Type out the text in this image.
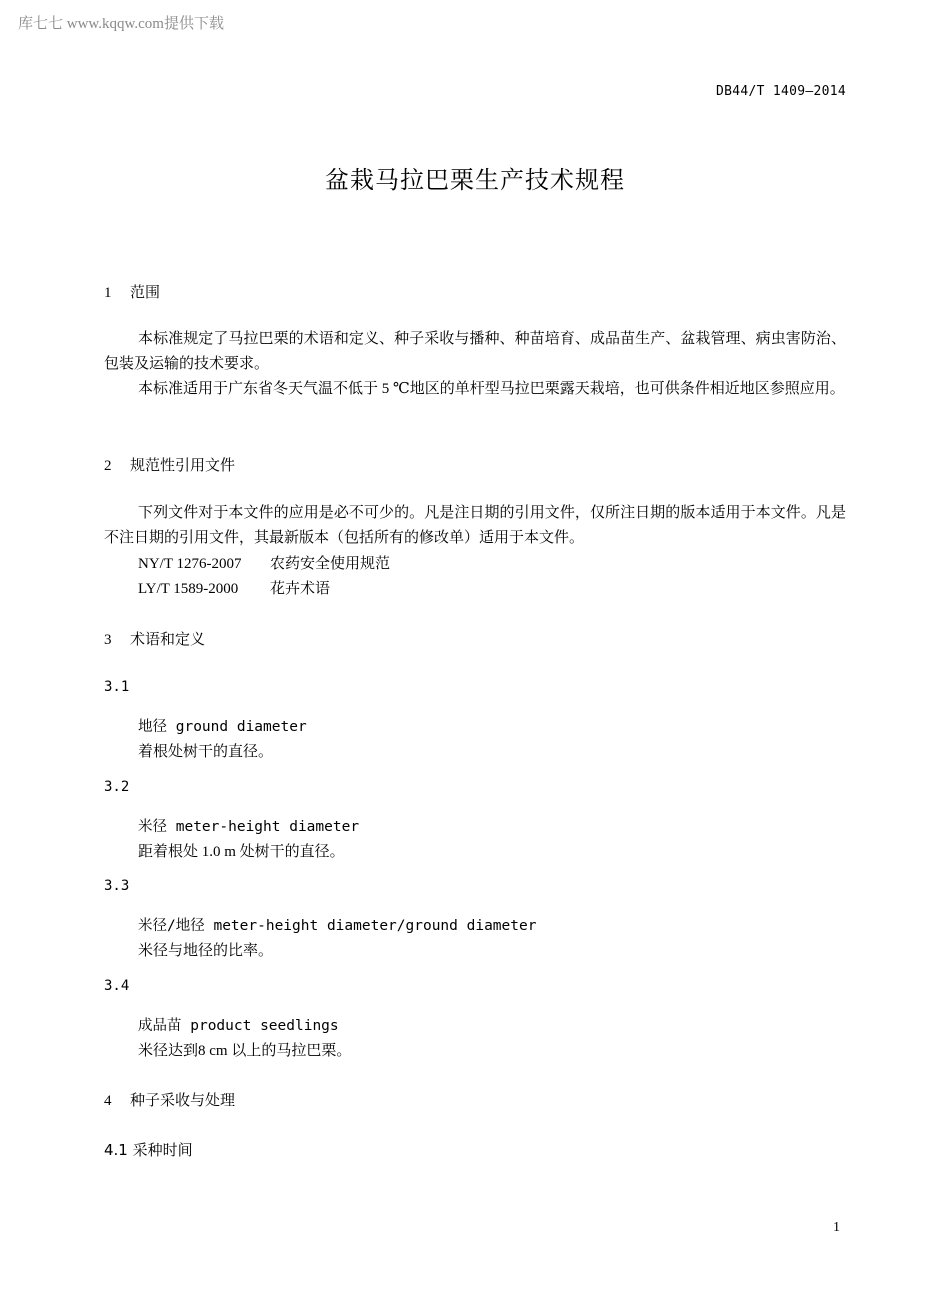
库七七 www.kqqw.com提供下载
DB44/T 1409—2014
盆栽马拉巴栗生产技术规程
1 范围
本标准规定了马拉巴栗的术语和定义、种子采收与播种、种苗培育、成品苗生产、盆栽管理、病虫害防治、包装及运输的技术要求。
本标准适用于广东省冬天气温不低于 5 ℃地区的单杆型马拉巴栗露天栽培，也可供条件相近地区参照应用。
2 规范性引用文件
下列文件对于本文件的应用是必不可少的。凡是注日期的引用文件，仅所注日期的版本适用于本文件。凡是不注日期的引用文件，其最新版本（包括所有的修改单）适用于本文件。
NY/T 1276-2007 农药安全使用规范
LY/T 1589-2000 花卉术语
3 术语和定义
3.1
地径 ground diameter
着根处树干的直径。
3.2
米径 meter-height diameter
距着根处 1.0 m 处树干的直径。
3.3
米径/地径 meter-height diameter/ground diameter
米径与地径的比率。
3.4
成品苗 product seedlings
米径达到8 cm 以上的马拉巴栗。
4 种子采收与处理
4.1 采种时间
1
